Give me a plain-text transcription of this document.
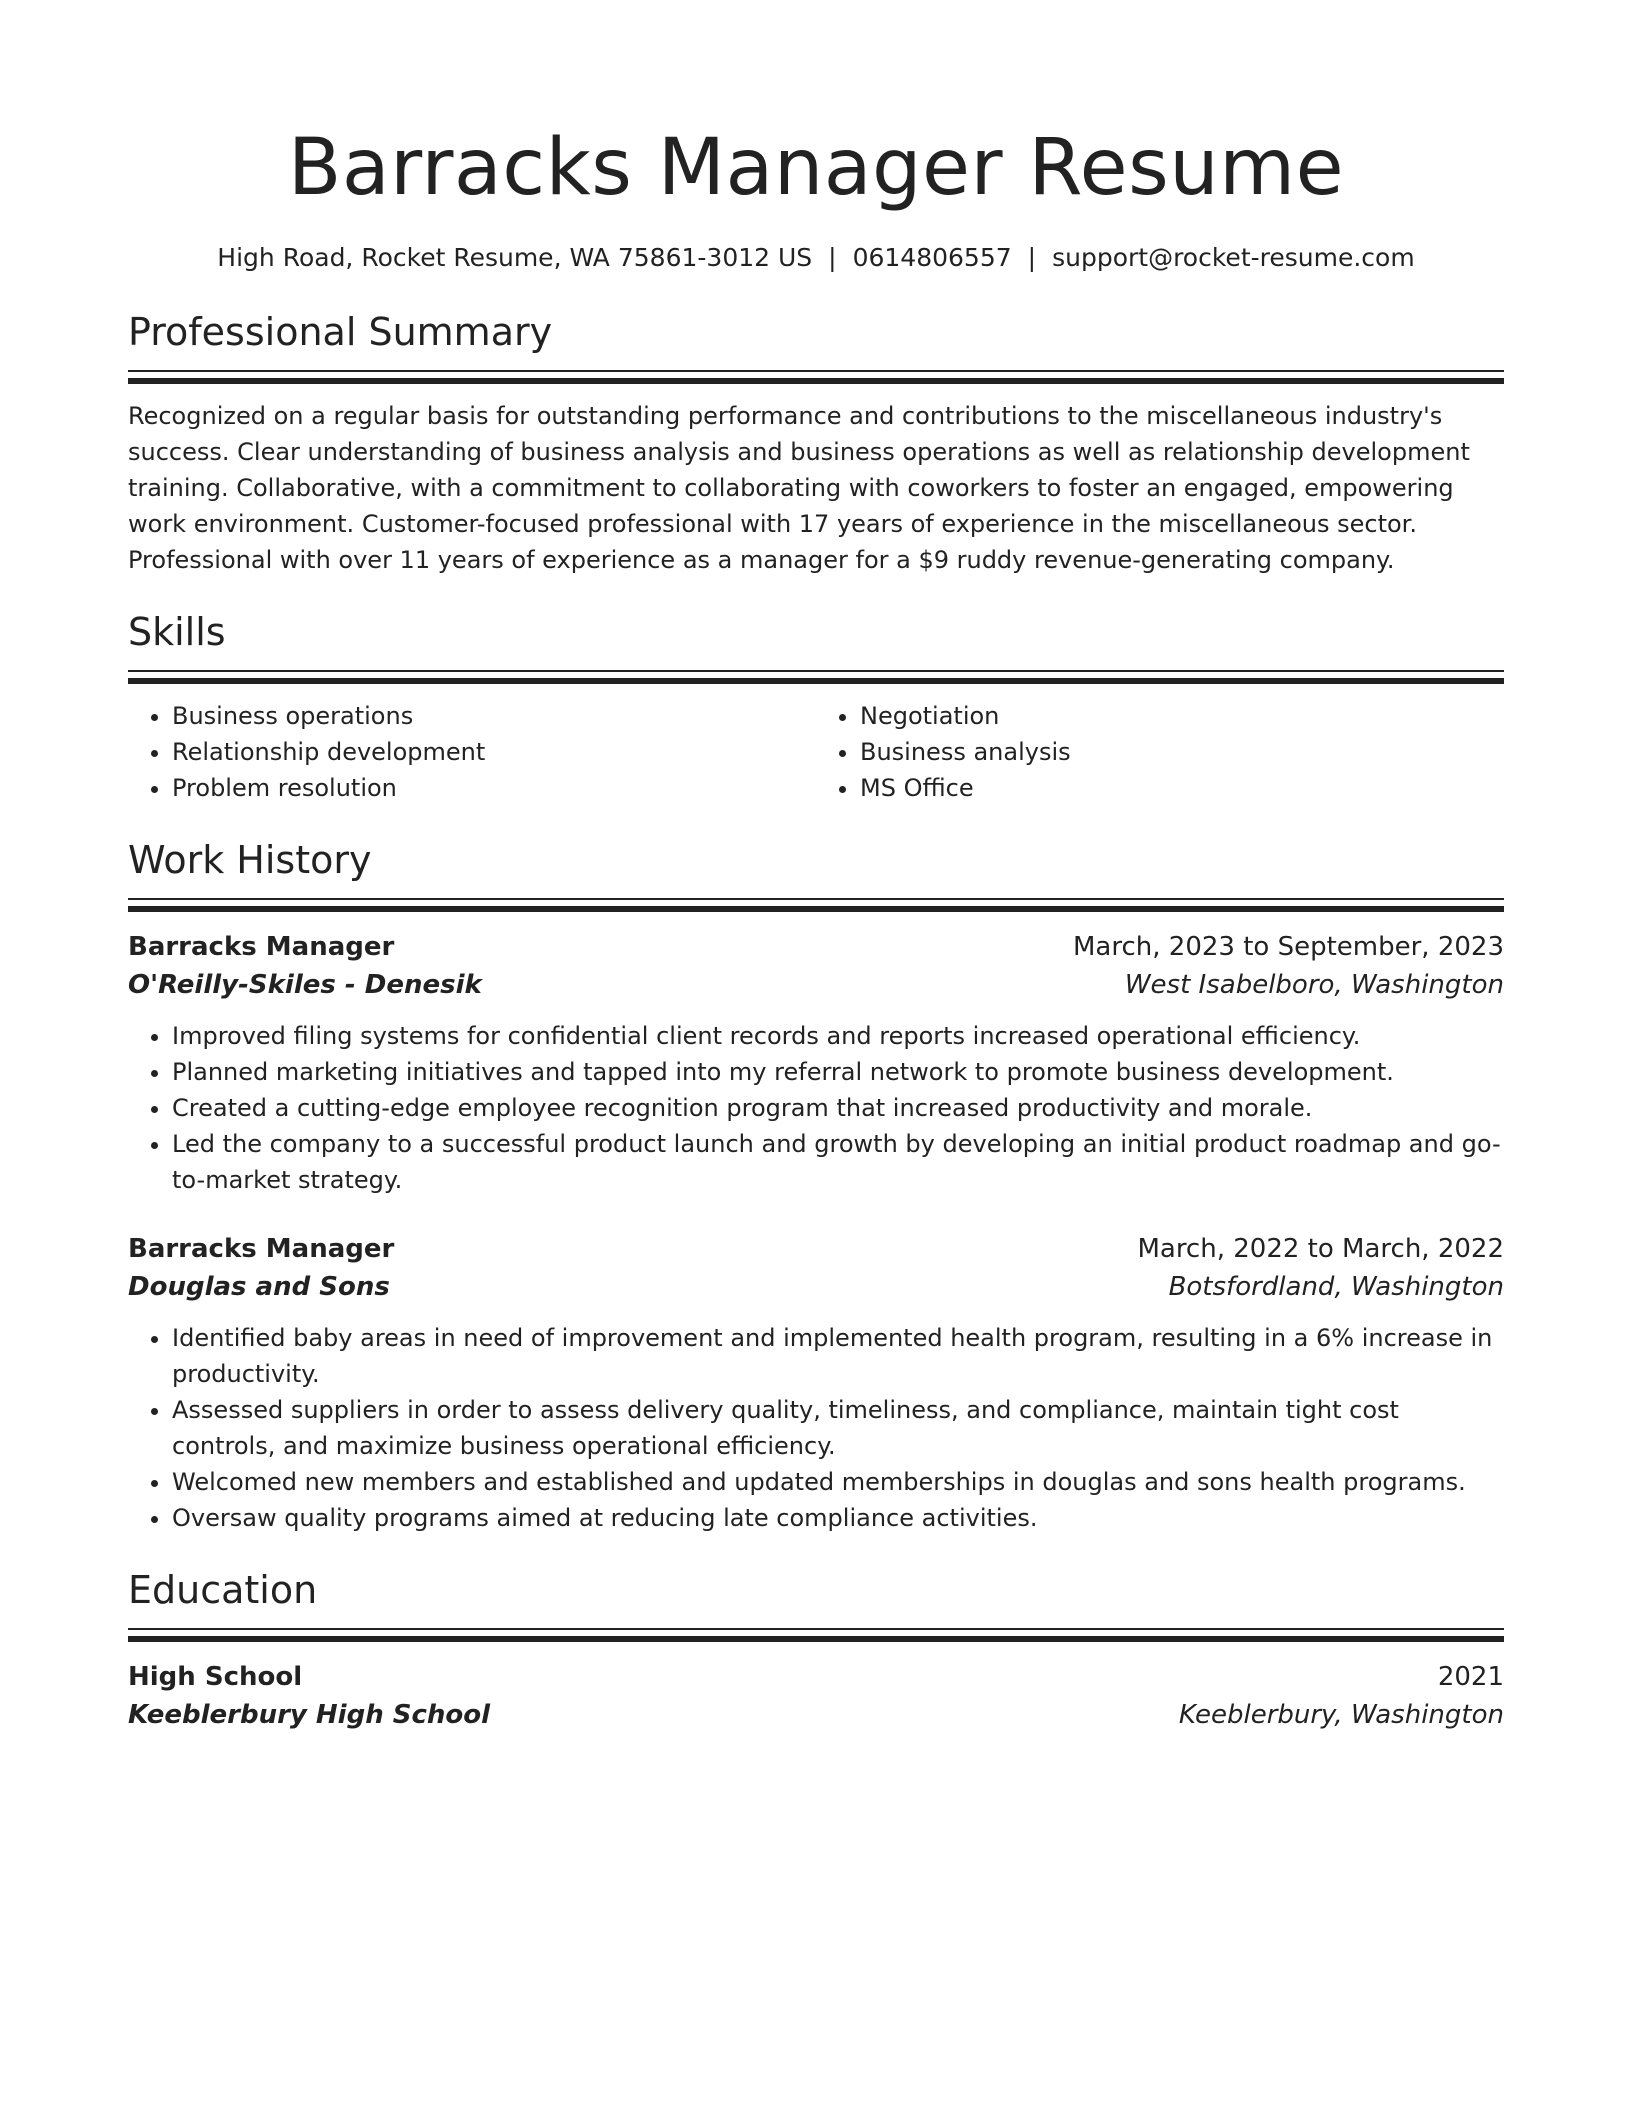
Barracks Manager Resume
High Road, Rocket Resume, WA 75861-3012 US | 0614806557 | support@rocket-resume.com
Professional Summary
Recognized on a regular basis for outstanding performance and contributions to the miscellaneous industry's success. Clear understanding of business analysis and business operations as well as relationship development training. Collaborative, with a commitment to collaborating with coworkers to foster an engaged, empowering work environment. Customer-focused professional with 17 years of experience in the miscellaneous sector. Professional with over 11 years of experience as a manager for a $9 ruddy revenue-generating company.
Skills
• Business operations
• Relationship development
• Problem resolution
• Negotiation
• Business analysis
• MS Office
Work History
Barracks Manager	March, 2023 to September, 2023
O'Reilly-Skiles - Denesik	West Isabelboro, Washington
• Improved filing systems for confidential client records and reports increased operational efficiency.
• Planned marketing initiatives and tapped into my referral network to promote business development.
• Created a cutting-edge employee recognition program that increased productivity and morale.
• Led the company to a successful product launch and growth by developing an initial product roadmap and go-to-market strategy.
Barracks Manager	March, 2022 to March, 2022
Douglas and Sons	Botsfordland, Washington
• Identified baby areas in need of improvement and implemented health program, resulting in a 6% increase in productivity.
• Assessed suppliers in order to assess delivery quality, timeliness, and compliance, maintain tight cost controls, and maximize business operational efficiency.
• Welcomed new members and established and updated memberships in douglas and sons health programs.
• Oversaw quality programs aimed at reducing late compliance activities.
Education
High School	2021
Keeblerbury High School	Keeblerbury, Washington
